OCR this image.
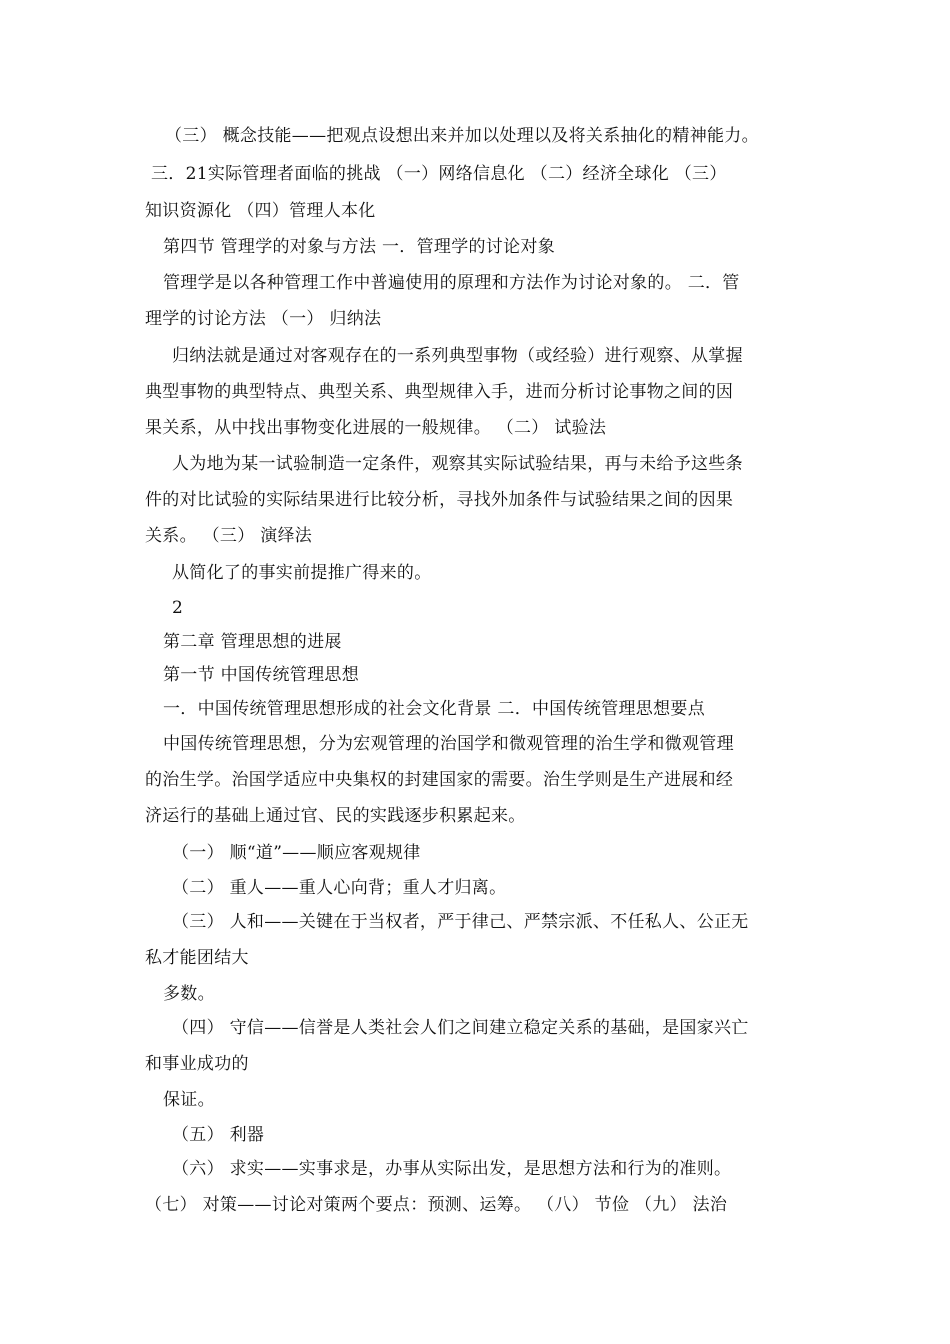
（三） 概念技能——把观点设想出来并加以处理以及将关系抽化的精神能力。
三．21实际管理者面临的挑战 （一）网络信息化 （二）经济全球化 （三）
知识资源化 （四）管理人本化
第四节 管理学的对象与方法 一．管理学的讨论对象
管理学是以各种管理工作中普遍使用的原理和方法作为讨论对象的。 二．管
理学的讨论方法 （一） 归纳法
归纳法就是通过对客观存在的一系列典型事物（或经验）进行观察、从掌握
典型事物的典型特点、典型关系、典型规律入手，进而分析讨论事物之间的因
果关系，从中找出事物变化进展的一般规律。 （二） 试验法
人为地为某一试验制造一定条件，观察其实际试验结果，再与未给予这些条
件的对比试验的实际结果进行比较分析，寻找外加条件与试验结果之间的因果
关系。 （三） 演绎法
从简化了的事实前提推广得来的。
2
第二章 管理思想的进展
第一节 中国传统管理思想
一．中国传统管理思想形成的社会文化背景 二．中国传统管理思想要点
中国传统管理思想，分为宏观管理的治国学和微观管理的治生学和微观管理
的治生学。治国学适应中央集权的封建国家的需要。治生学则是生产进展和经
济运行的基础上通过官、民的实践逐步积累起来。
（一） 顺“道”——顺应客观规律
（二） 重人——重人心向背；重人才归离。
（三） 人和——关键在于当权者，严于律己、严禁宗派、不任私人、公正无
私才能团结大
多数。
（四） 守信——信誉是人类社会人们之间建立稳定关系的基础，是国家兴亡
和事业成功的
保证。
（五） 利器
（六） 求实——实事求是，办事从实际出发，是思想方法和行为的准则。
（七） 对策——讨论对策两个要点：预测、运筹。 （八） 节俭 （九） 法治
